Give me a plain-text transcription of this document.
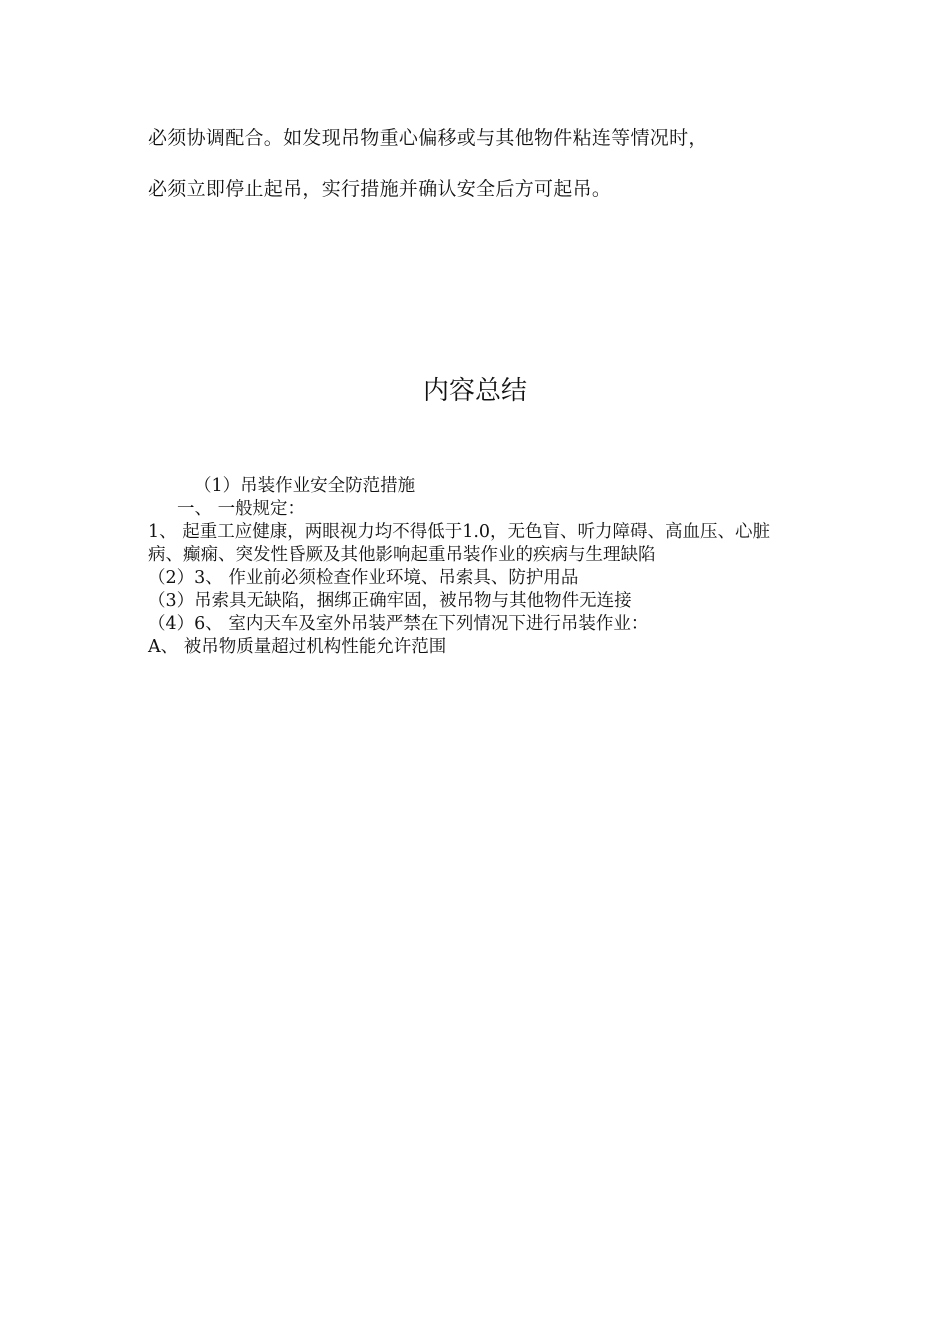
必须协调配合。如发现吊物重心偏移或与其他物件粘连等情况时，

必须立即停止起吊，实行措施并确认安全后方可起吊。

内容总结
（1）吊装作业安全防范措施
一、 一般规定：
1、 起重工应健康，两眼视力均不得低于1.0，无色盲、听力障碍、高血压、心脏病、癫痫、突发性昏厥及其他影响起重吊装作业的疾病与生理缺陷
（2）3、 作业前必须检查作业环境、吊索具、防护用品
（3）吊索具无缺陷，捆绑正确牢固，被吊物与其他物件无连接
（4）6、 室内天车及室外吊装严禁在下列情况下进行吊装作业：
A、 被吊物质量超过机构性能允许范围
